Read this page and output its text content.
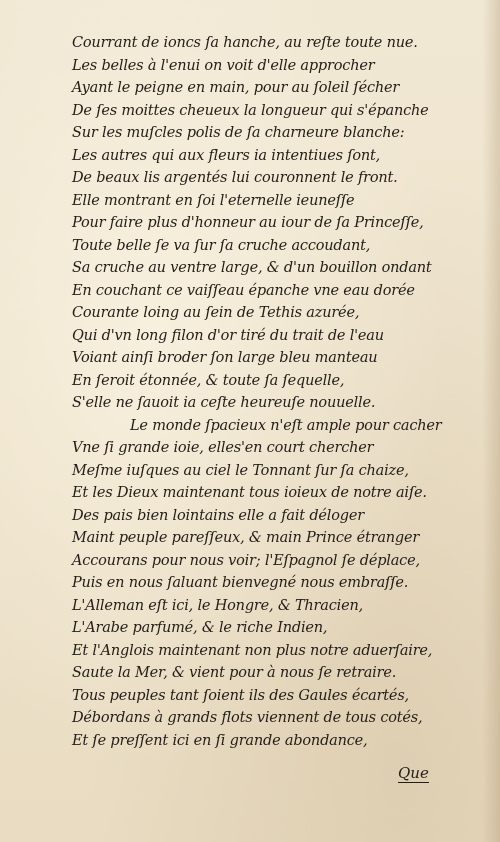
Courrant de ioncs ſa hanche, au reſte toute nue.
Les belles à l'enui on voit d'elle approcher
Ayant le peigne en main, pour au ſoleil ſécher
De ſes moittes cheueux la longueur qui s'épanche
Sur les muſcles polis de ſa charneure blanche:
Les autres qui aux fleurs ia intentiues ſont,
De beaux lis argentés lui couronnent le front.
Elle montrant en ſoi l'eternelle ieuneſſe
Pour faire plus d'honneur au iour de ſa Princeſſe,
Toute belle ſe va ſur ſa cruche accoudant,
Sa cruche au ventre large, & d'un bouillon ondant
En couchant ce vaiſſeau épanche vne eau dorée
Courante loing au ſein de Tethis azurée,
Qui d'vn long filon d'or tiré du trait de l'eau
Voiant ainſi broder ſon large bleu manteau
En ſeroit étonnée, & toute ſa ſequelle,
S'elle ne ſauoit ia ceſte heureuſe nouuelle.
Le monde ſpacieux n'eſt ample pour cacher
Vne ſi grande ioie, elles'en court chercher
Meſme iuſques au ciel le Tonnant ſur ſa chaize,
Et les Dieux maintenant tous ioieux de notre aiſe.
Des pais bien lointains elle a fait déloger
Maint peuple pareſſeux, & main Prince étranger
Accourans pour nous voir; l'Eſpagnol ſe déplace,
Puis en nous ſaluant bienvegné nous embraſſe.
L'Alleman eſt ici, le Hongre, & Thracien,
L'Arabe parfumé, & le riche Indien,
Et l'Anglois maintenant non plus notre aduerſaire,
Saute la Mer, & vient pour à nous ſe retraire.
Tous peuples tant ſoient ils des Gaules écartés,
Débordans à grands flots viennent de tous cotés,
Et ſe preſſent ici en ſi grande abondance,
Que
